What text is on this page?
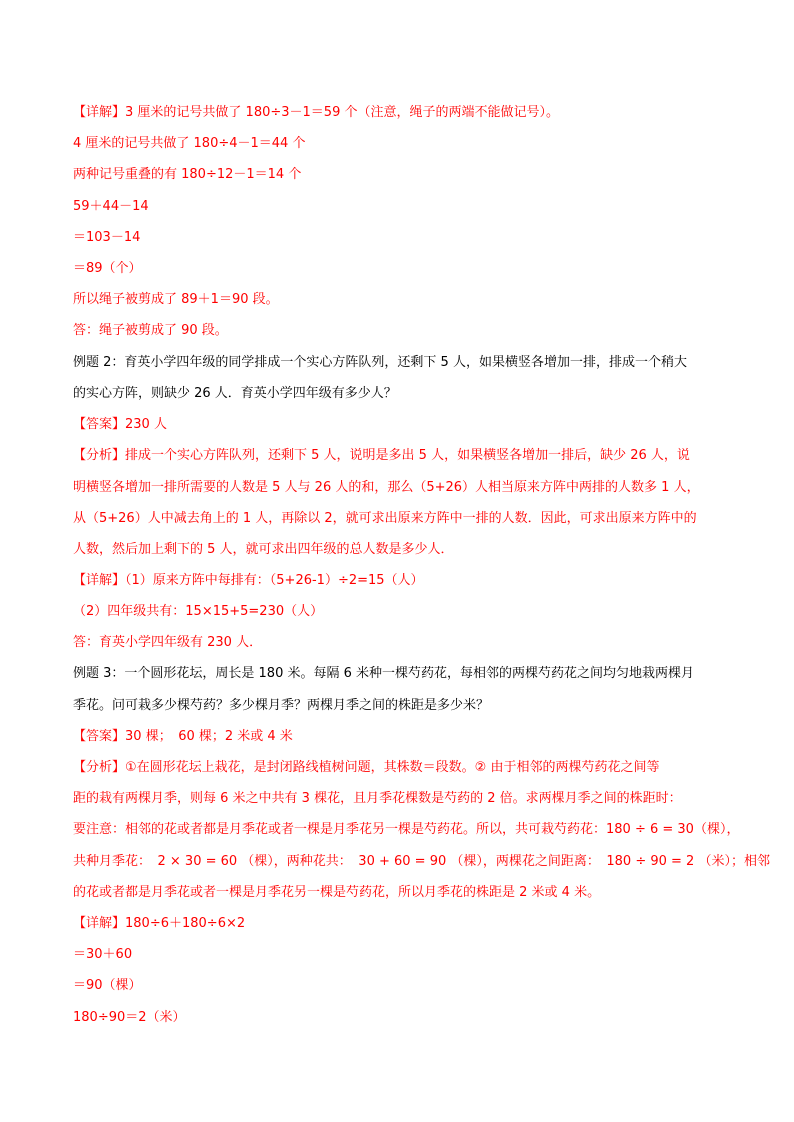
【详解】3 厘米的记号共做了 180÷3－1＝59 个（注意，绳子的两端不能做记号）。
4 厘米的记号共做了 180÷4－1＝44 个
两种记号重叠的有 180÷12－1＝14 个
59＋44－14
＝103－14
＝89（个）
所以绳子被剪成了 89＋1＝90 段。
答：绳子被剪成了 90 段。
例题 2：育英小学四年级的同学排成一个实心方阵队列，还剩下 5 人，如果横竖各增加一排，排成一个稍大
的实心方阵，则缺少 26 人．育英小学四年级有多少人？
【答案】230 人
【分析】排成一个实心方阵队列，还剩下 5 人，说明是多出 5 人，如果横竖各增加一排后，缺少 26 人，说
明横竖各增加一排所需要的人数是 5 人与 26 人的和，那么（5+26）人相当原来方阵中两排的人数多 1 人，
从（5+26）人中减去角上的 1 人，再除以 2，就可求出原来方阵中一排的人数．因此，可求出原来方阵中的
人数，然后加上剩下的 5 人，就可求出四年级的总人数是多少人．
【详解】（1）原来方阵中每排有：（5+26-1）÷2=15（人）
（2）四年级共有：15×15+5=230（人）
答：育英小学四年级有 230 人．
例题 3：一个圆形花坛，周长是 180 米。每隔 6 米种一棵芍药花，每相邻的两棵芍药花之间均匀地栽两棵月
季花。问可栽多少棵芍药？多少棵月季？两棵月季之间的株距是多少米？
【答案】30 棵；　60 棵；2 米或 4 米
【分析】①在圆形花坛上栽花，是封闭路线植树问题，其株数＝段数。② 由于相邻的两棵芍药花之间等
距的栽有两棵月季，则每 6 米之中共有 3 棵花，且月季花棵数是芍药的 2 倍。求两棵月季之间的株距时：
要注意：相邻的花或者都是月季花或者一棵是月季花另一棵是芍药花。所以，共可栽芍药花：180 ÷ 6 = 30（棵），
共种月季花：　2 × 30 = 60 （棵），两种花共：　30 + 60 = 90 （棵），两棵花之间距离：　180 ÷ 90 = 2 （米）；相邻
的花或者都是月季花或者一棵是月季花另一棵是芍药花，所以月季花的株距是 2 米或 4 米。
【详解】180÷6＋180÷6×2
＝30＋60
＝90（棵）
180÷90＝2（米）
